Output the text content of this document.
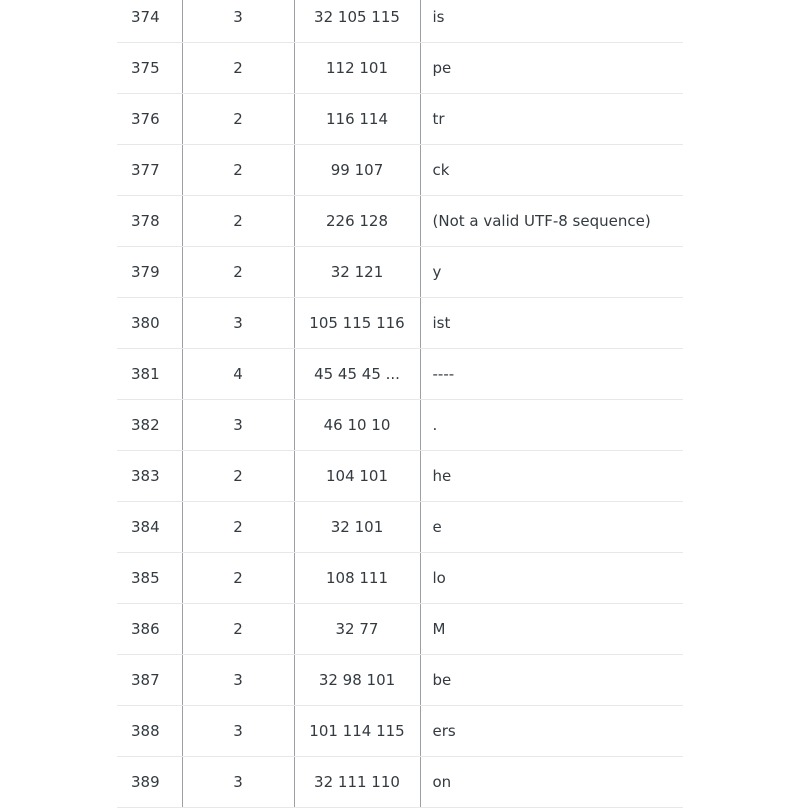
374	3	32 105 115	is
375	2	112 101	pe
376	2	116 114	tr
377	2	99 107	ck
378	2	226 128	(Not a valid UTF-8 sequence)
379	2	32 121	y
380	3	105 115 116	ist
381	4	45 45 45 ...	----
382	3	46 10 10	.
383	2	104 101	he
384	2	32 101	e
385	2	108 111	lo
386	2	32 77	M
387	3	32 98 101	be
388	3	101 114 115	ers
389	3	32 111 110	on
